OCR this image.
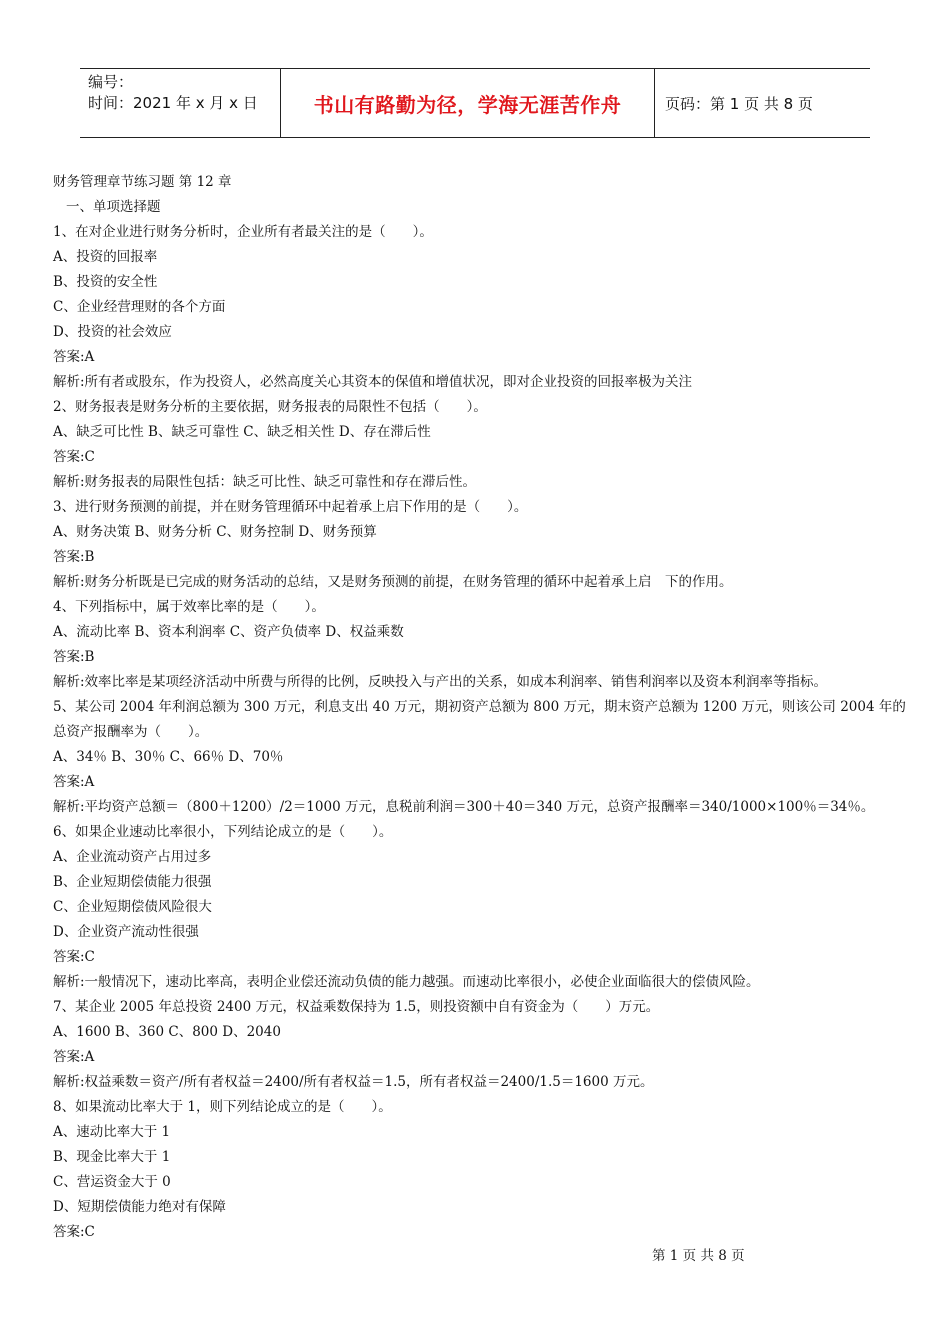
编号：
时间：2021 年 x 月 x 日	书山有路勤为径，学海无涯苦作舟	页码：第 1 页 共 8 页
财务管理章节练习题 第 12 章
一、单项选择题
1、在对企业进行财务分析时，企业所有者最关注的是（　　）。
A、投资的回报率
B、投资的安全性
C、企业经营理财的各个方面
D、投资的社会效应
答案:A
解析:所有者或股东，作为投资人，必然高度关心其资本的保值和增值状况，即对企业投资的回报率极为关注
2、财务报表是财务分析的主要依据，财务报表的局限性不包括（　　）。
A、缺乏可比性 B、缺乏可靠性 C、缺乏相关性 D、存在滞后性
答案:C
解析:财务报表的局限性包括：缺乏可比性、缺乏可靠性和存在滞后性。
3、进行财务预测的前提，并在财务管理循环中起着承上启下作用的是（　　）。
A、财务决策 B、财务分析 C、财务控制 D、财务预算
答案:B
解析:财务分析既是已完成的财务活动的总结，又是财务预测的前提，在财务管理的循环中起着承上启　下的作用。
4、下列指标中，属于效率比率的是（　　）。
A、流动比率 B、资本利润率 C、资产负债率 D、权益乘数
答案:B
解析:效率比率是某项经济活动中所费与所得的比例，反映投入与产出的关系，如成本利润率、销售利润率以及资本利润率等指标。
5、某公司 2004 年利润总额为 300 万元，利息支出 40 万元，期初资产总额为 800 万元，期末资产总额为 1200 万元，则该公司 2004 年的总资产报酬率为（　　）。
A、34％ B、30％ C、66％ D、70％
答案:A
解析:平均资产总额＝（800＋1200）/2＝1000 万元，息税前利润＝300＋40＝340 万元，总资产报酬率＝340/1000×100％＝34％。
6、如果企业速动比率很小，下列结论成立的是（　　）。
A、企业流动资产占用过多
B、企业短期偿债能力很强
C、企业短期偿债风险很大
D、企业资产流动性很强
答案:C
解析:一般情况下，速动比率高，表明企业偿还流动负债的能力越强。而速动比率很小，必使企业面临很大的偿债风险。
7、某企业 2005 年总投资 2400 万元，权益乘数保持为 1.5，则投资额中自有资金为（　　）万元。
A、1600 B、360 C、800 D、2040
答案:A
解析:权益乘数＝资产/所有者权益＝2400/所有者权益＝1.5，所有者权益＝2400/1.5＝1600 万元。
8、如果流动比率大于 1，则下列结论成立的是（　　）。
A、速动比率大于 1
B、现金比率大于 1
C、营运资金大于 0
D、短期偿债能力绝对有保障
答案:C
第 1 页 共 8 页
